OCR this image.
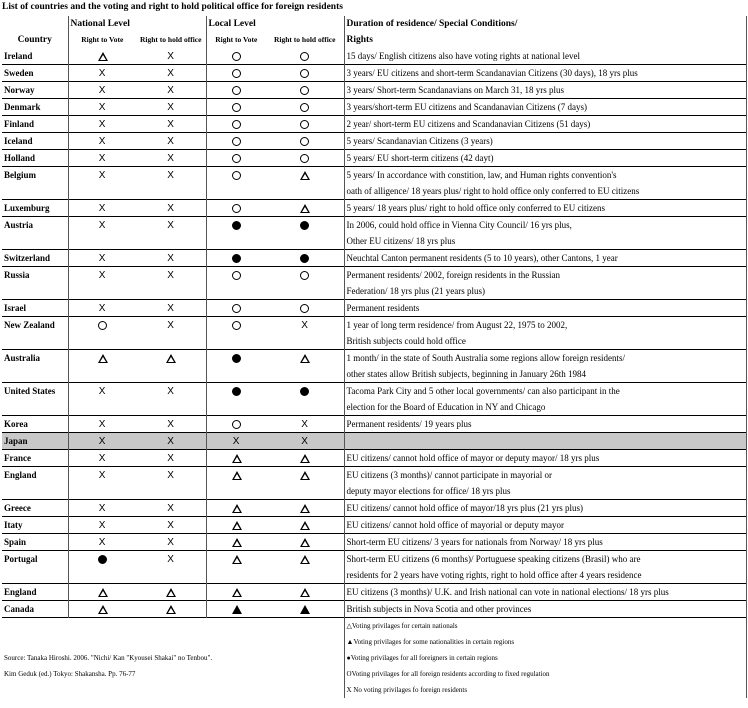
List of countries and the voting and right to hold political office for foreign residents
	National Level		Local Level		Duration of residence/ Special Conditions/
Country	Right to Vote	Right to hold office	Right to Vote	Right to hold office	Rights
Ireland		X			15 days/ English citizens also have voting rights at national level
Sweden	X	X			3 years/ EU citizens and short-term Scandanavian Citizens (30 days), 18 yrs plus
Norway	X	X			3 years/ Short-term Scandanavians on March 31, 18 yrs plus
Denmark	X	X			3 years/short-term EU citizens and Scandanavian Citizens (7 days)
Finland	X	X			2 year/ short-term EU citizens and Scandanavian Citizens (51 days)
Iceland	X	X			5 years/ Scandanavian Citizens (3 years)
Holland	X	X			5 years/ EU short-term citizens (42 dayt)
Belgium	X	X			5 years/ In accordance with constition, law, and Human rights convention's
					oath of alligence/ 18 years plus/ right to hold office only conferred to EU citizens
Luxemburg	X	X			5 years/ 18 years plus/ right to hold office only conferred to EU citizens
Austria	X	X			In 2006, could hold office in Vienna City Council/ 16 yrs plus,
					Other EU citizens/ 18 yrs plus
Switzerland	X	X			Neuchtal Canton permanent residents (5 to 10 years), other Cantons, 1 year
Russia	X	X			Permanent residents/ 2002, foreign residents in the Russian
					Federation/ 18 yrs plus (21 years plus)
Israel	X	X			Permanent residents
New Zealand		X		X	1 year of long term residence/ from August 22, 1975 to 2002,
					British subjects could hold office
Australia					1 month/ in the state of South Australia some regions allow foreign residents/
					other states allow British subjects, beginning in January 26th 1984
United States	X	X			Tacoma Park City and 5 other local governments/ can also participant in the
					election for the Board of Education in NY and Chicago
Korea	X	X		X	Permanent residents/ 19 years plus
Japan	X	X	X	X	

France	X	X			EU citizens/ cannot hold office of mayor or deputy mayor/ 18 yrs plus
England	X	X			EU citizens (3 months)/ cannot participate in mayorial or
					deputy mayor elections for office/ 18 yrs plus
Greece	X	X			EU citizens/ cannot hold office of mayor/18 yrs plus (21 yrs plus)
Itaty	X	X			EU citizens/ cannot hold office of mayorial or deputy mayor
Spain	X	X			Short-term EU citizens/ 3 years for nationals from Norway/ 18 yrs plus
Portugal		X			Short-term EU citizens (6 months)/ Portuguese speaking citizens (Brasil) who are
					residents for 2 years have voting rights, right to hold office after 4 years residence
England					EU citizens (3 months)/ U.K. and Irish national can vote in national elections/ 18 yrs plus
Canada					British subjects in Nova Scotia and other provinces
					△Voting privilages for certain nationals
					▲Voting privilages for some nationalities in certain regions
Source: Tanaka Hiroshi. 2006. "Nichi/ Kan "Kyousei Shakai" no Tenbou".					●Voting privilages for all foreigners in certain regions
Kim Geduk (ed.) Tokyo: Shakansha. Pp. 76-77					OVoting privilages for all foreign residents according to fixed regulation
					X No voting privilages fo foreign residents
